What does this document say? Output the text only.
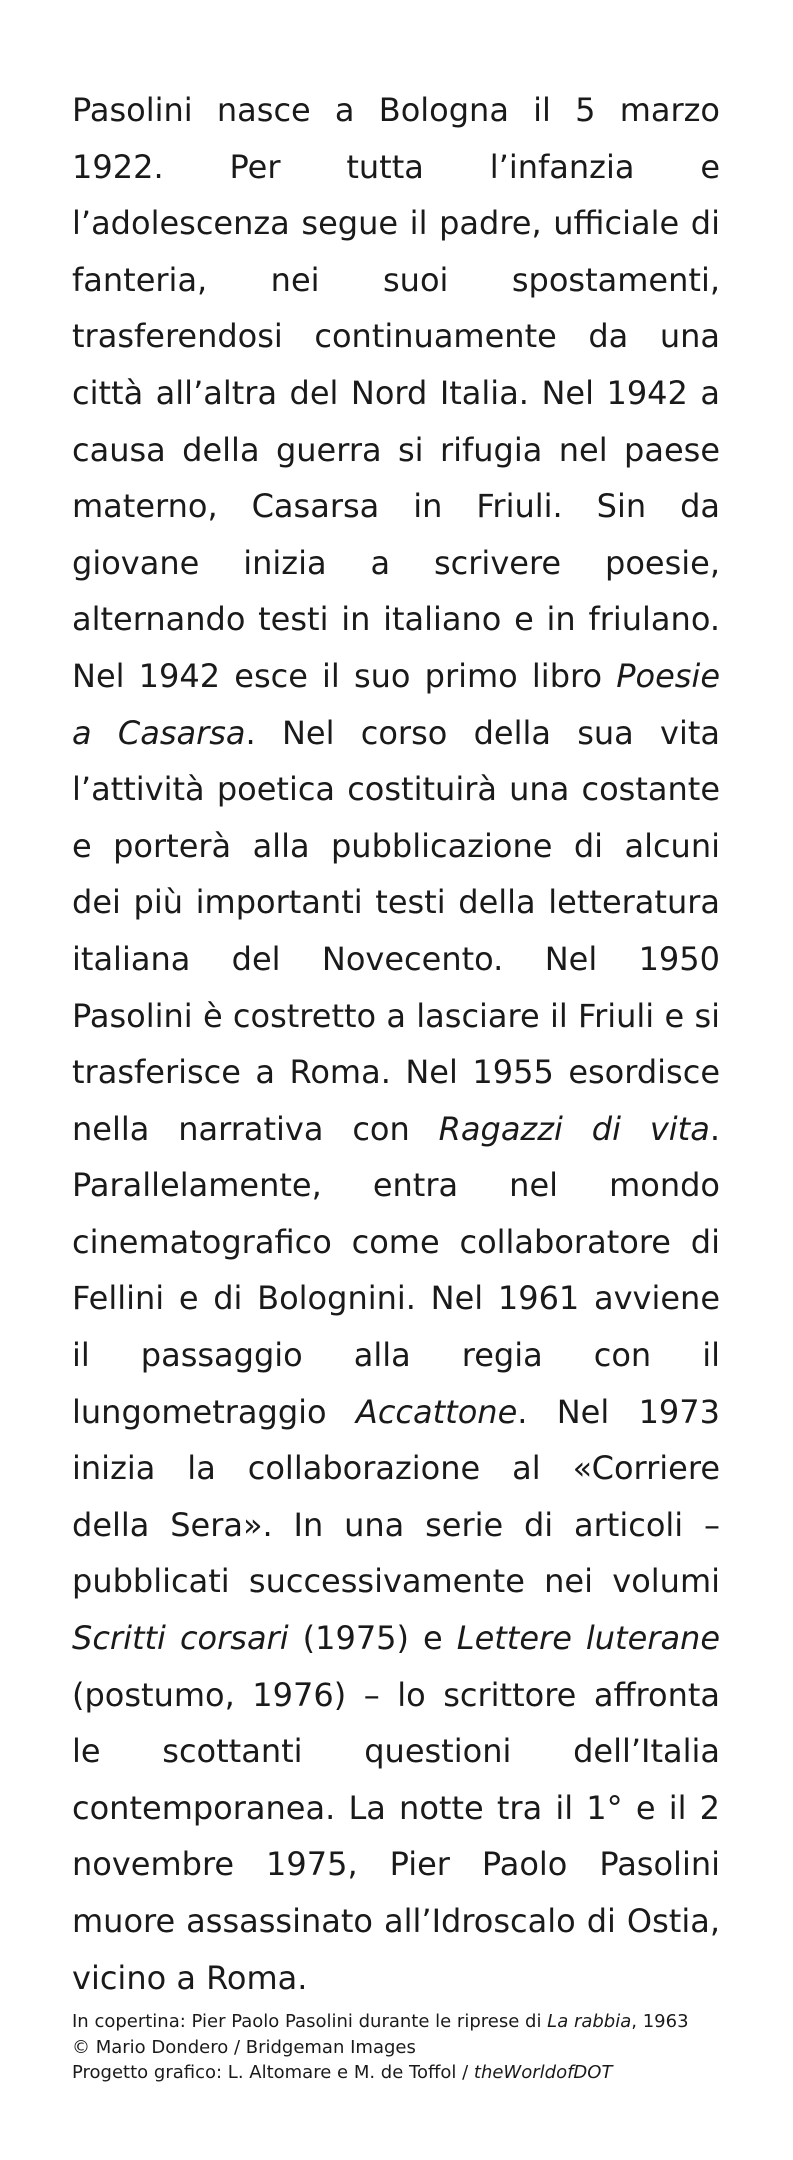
Pasolini nasce a Bologna il 5 marzo 1922. Per tutta l’infanzia e l’adolescenza segue il padre, ufficiale di fanteria, nei suoi spostamenti, trasferendosi continuamente da una città all’altra del Nord Italia. Nel 1942 a causa della guerra si rifugia nel paese materno, Casarsa in Friuli. Sin da giovane inizia a scrivere poesie, alternando testi in italiano e in friulano. Nel 1942 esce il suo primo libro Poesie a Casarsa. Nel corso della sua vita l’attività poetica costituirà una costante e porterà alla pubblicazione di alcuni dei più importanti testi della letteratura italiana del Novecento. Nel 1950 Pasolini è costretto a lasciare il Friuli e si trasferisce a Roma. Nel 1955 esordisce nella narrativa con Ragazzi di vita. Parallelamente, entra nel mondo cinematografico come collaboratore di Fellini e di Bolognini. Nel 1961 avviene il passaggio alla regia con il lungometraggio Accattone. Nel 1973 inizia la collaborazione al «Corriere della Sera». In una serie di articoli – pubblicati successivamente nei volumi Scritti corsari (1975) e Lettere luterane (postumo, 1976) – lo scrittore affronta le scottanti questioni dell’Italia contemporanea. La notte tra il 1° e il 2 novembre 1975, Pier Paolo Pasolini muore assassinato all’Idroscalo di Ostia, vicino a Roma.

In copertina: Pier Paolo Pasolini durante le riprese di La rabbia, 1963
© Mario Dondero / Bridgeman Images
Progetto grafico: L. Altomare e M. de Toffol / theWorldofDOT
